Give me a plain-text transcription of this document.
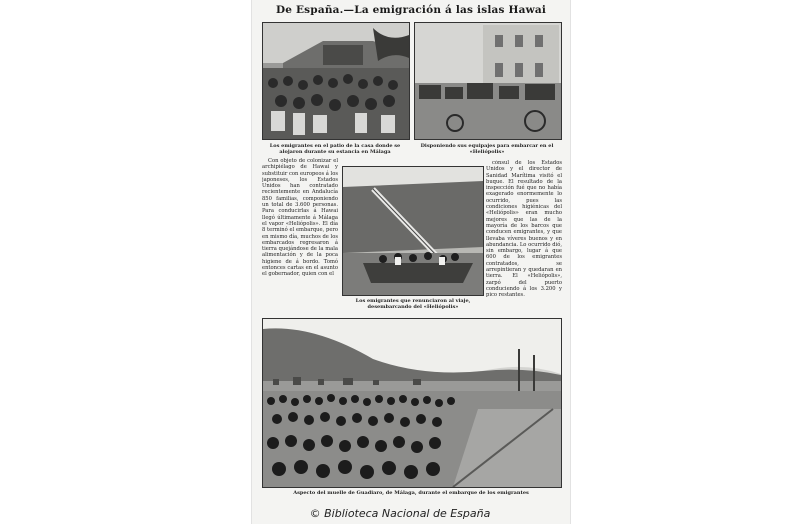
De España.—La emigración á las islas Hawai
Los emigrantes en el patio de la casa donde se alojaron durante su estancia en Málaga
Disponiendo sus equipajes para embarcar en el «Heliópolis»

Con objeto de colonizar el archipiélago de Hawai y substituir con europeos á los japoneses, los Estados Unidos han contratado recientemente en Andalucía 850 familias, componiendo un total de 3.600 personas. Para conducirlas á Hawai llegó últimamente á Málaga el vapor «Heliópolis». El día 8 terminó el embarque, pero en mismo día, muchos de los embarcados regresaron á tierra quejándose de la mala alimentación y de la poca higiene de á bordo. Tomó entonces cartas en el asunto el gobernador, quien con el

Los emigrantes que renunciaron al viaje, desembarcando del «Heliópolis»

cónsul de los Estados Unidos y el director de Sanidad Marítima visitó el buque. El resultado de la inspección fué que no había exagerado enormemente lo ocurrido, pues las condiciones higiénicas del «Heliópolis» eran mucho mejores que las de la mayoría de los barcos que conducen emigrantes, y que llevaba víveres buenos y en abundancia. Lo ocurrido dió, sin embargo, lugar á que 600 de los emigrantes contratados, se arrepintieran y quedaran en tierra. El «Heliópolis», zarpó del puerto conduciendo á los 3.200 y pico restantes.

Aspecto del muelle de Guadiaro, de Málaga, durante el embarque de los emigrantes
© Biblioteca Nacional de España
